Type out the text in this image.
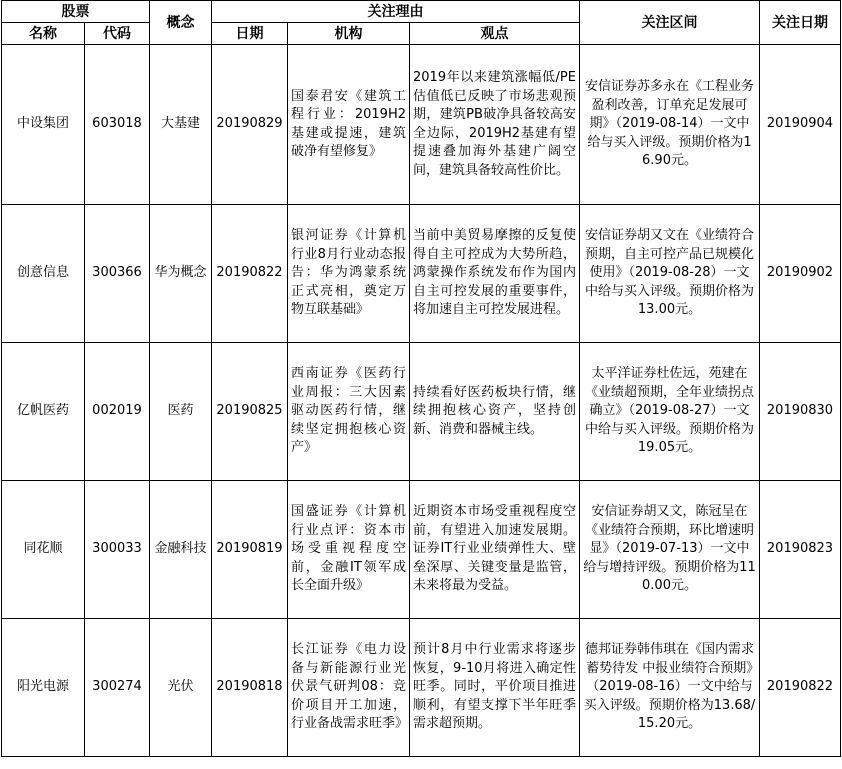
股票		概念	关注理由			关注区间	关注日期
名称	代码		日期	机构	观点		
中设集团	603018	大基建	20190829	国泰君安《建筑工程行业：2019H2基建或提速，建筑破净有望修复》	2019年以来建筑涨幅低/PE估值低已反映了市场悲观预期，建筑PB破净具备较高安全边际，2019H2基建有望提速叠加海外基建广阔空间，建筑具备较高性价比。	安信证券苏多永在《工程业务盈利改善，订单充足发展可期》（2019-08-14）一文中给与买入评级。预期价格为16.90元。	20190904
创意信息	300366	华为概念	20190822	银河证券《计算机行业8月行业动态报告：华为鸿蒙系统正式亮相，奠定万物互联基础》	当前中美贸易摩擦的反复使得自主可控成为大势所趋，鸿蒙操作系统发布作为国内自主可控发展的重要事件，将加速自主可控发展进程。	安信证券胡又文在《业绩符合预期，自主可控产品已规模化使用》（2019-08-28）一文中给与买入评级。预期价格为13.00元。	20190902
亿帆医药	002019	医药	20190825	西南证券《医药行业周报：三大因素驱动医药行情，继续坚定拥抱核心资产》	持续看好医药板块行情，继续拥抱核心资产，坚持创新、消费和器械主线。	太平洋证券杜佐远，苑建在《业绩超预期，全年业绩拐点确立》（2019-08-27）一文中给与买入评级。预期价格为19.05元。	20190830
同花顺	300033	金融科技	20190819	国盛证券《计算机行业点评：资本市场受重视程度空前，金融IT领军成长全面升级》	近期资本市场受重视程度空前，有望进入加速发展期。证券IT行业业绩弹性大、壁垒深厚、关键变量是监管，未来将最为受益。	安信证券胡又文，陈冠呈在《业绩符合预期，环比增速明显》（2019-07-13）一文中给与增持评级。预期价格为110.00元。	20190823
阳光电源	300274	光伏	20190818	长江证券《电力设备与新能源行业光伏景气研判08：竞价项目开工加速，行业备战需求旺季》	预计8月中行业需求将逐步恢复，9-10月将进入确定性旺季。同时，平价项目推进顺利，有望支撑下半年旺季需求超预期。	德邦证券韩伟琪在《国内需求蓄势待发 中报业绩符合预期》（2019-08-16）一文中给与买入评级。预期价格为13.68/15.20元。	20190822
